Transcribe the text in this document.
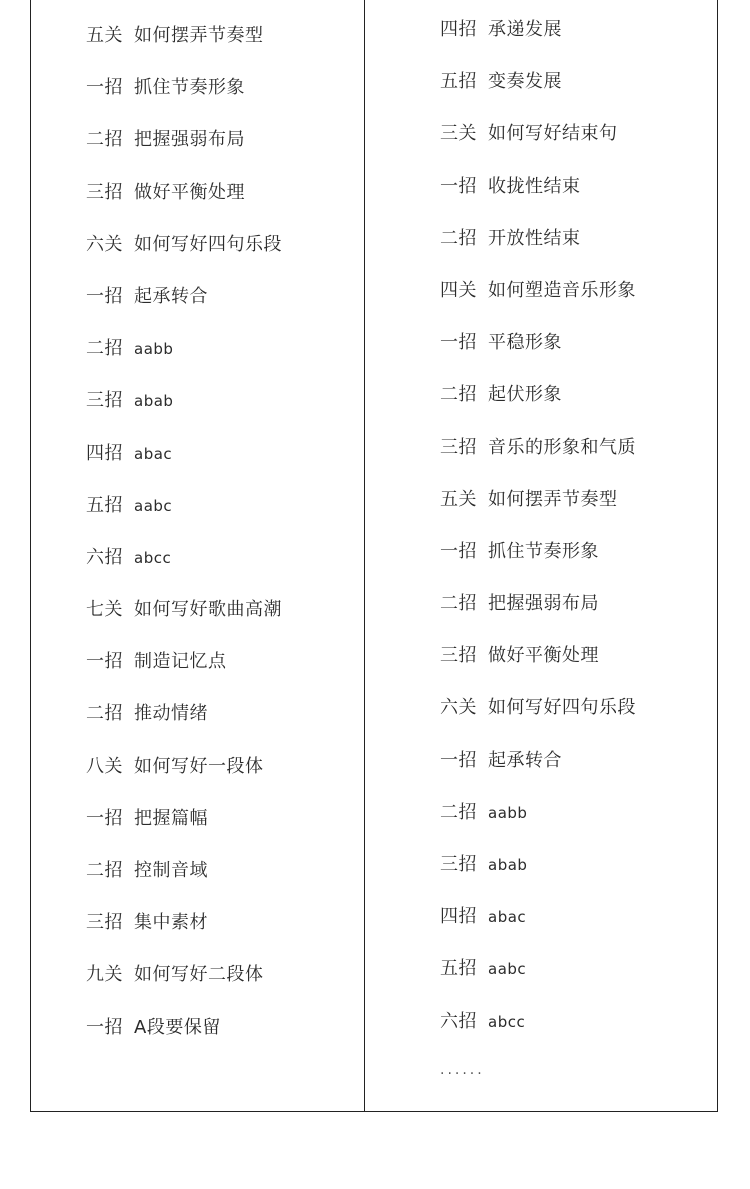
五关 如何摆弄节奏型
一招 抓住节奏形象
二招 把握强弱布局
三招 做好平衡处理
六关 如何写好四句乐段
一招 起承转合
二招 aabb
三招 abab
四招 abac
五招 aabc
六招 abcc
七关 如何写好歌曲高潮
一招 制造记忆点
二招 推动情绪
八关 如何写好一段体
一招 把握篇幅
二招 控制音域
三招 集中素材
九关 如何写好二段体
一招 A段要保留
四招 承递发展
五招 变奏发展
三关 如何写好结束句
一招 收拢性结束
二招 开放性结束
四关 如何塑造音乐形象
一招 平稳形象
二招 起伏形象
三招 音乐的形象和气质
五关 如何摆弄节奏型
一招 抓住节奏形象
二招 把握强弱布局
三招 做好平衡处理
六关 如何写好四句乐段
一招 起承转合
二招 aabb
三招 abab
四招 abac
五招 aabc
六招 abcc
······
